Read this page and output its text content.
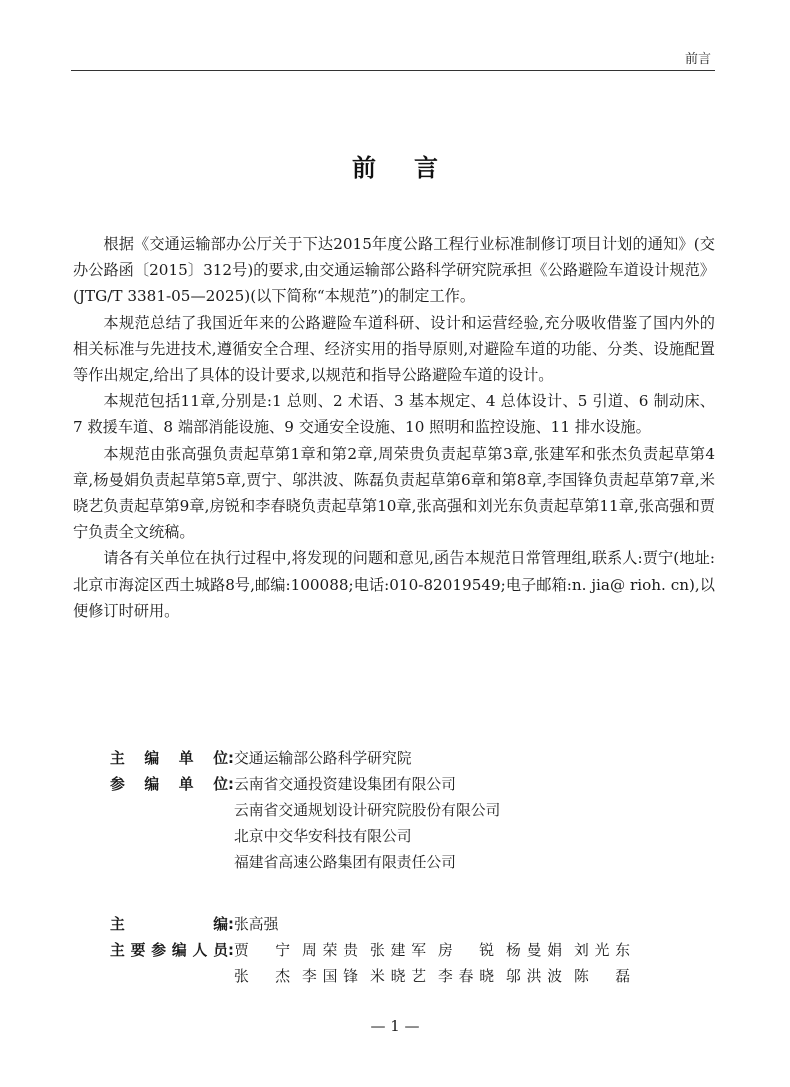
前言
前言

根据《交通运输部办公厅关于下达2015年度公路工程行业标准制修订项目计划的通知》(交办公路函〔2015〕312号)的要求,由交通运输部公路科学研究院承担《公路避险车道设计规范》(JTG/T 3381-05—2025)(以下简称“本规范”)的制定工作。

本规范总结了我国近年来的公路避险车道科研、设计和运营经验,充分吸收借鉴了国内外的相关标准与先进技术,遵循安全合理、经济实用的指导原则,对避险车道的功能、分类、设施配置等作出规定,给出了具体的设计要求,以规范和指导公路避险车道的设计。

本规范包括11章,分别是:1 总则、2 术语、3 基本规定、4 总体设计、5 引道、6 制动床、7 救援车道、8 端部消能设施、9 交通安全设施、10 照明和监控设施、11 排水设施。

本规范由张高强负责起草第1章和第2章,周荣贵负责起草第3章,张建军和张杰负责起草第4章,杨曼娟负责起草第5章,贾宁、邬洪波、陈磊负责起草第6章和第8章,李国锋负责起草第7章,米晓艺负责起草第9章,房锐和李春晓负责起草第10章,张高强和刘光东负责起草第11章,张高强和贾宁负责全文统稿。

请各有关单位在执行过程中,将发现的问题和意见,函告本规范日常管理组,联系人:贾宁(地址:北京市海淀区西土城路8号,邮编:100088;电话:010-82019549;电子邮箱:n. jia@ rioh. cn),以便修订时研用。

主编单位 : 交通运输部公路科学研究院
参编单位 : 云南省交通投资建设集团有限公司
云南省交通规划设计研究院股份有限公司
北京中交华安科技有限公司
福建省高速公路集团有限责任公司
主编 : 张高强
主要参编人员 : 贾宁 周荣贵 张建军 房锐 杨曼娟 刘光东
张杰 李国锋 米晓艺 李春晓 邬洪波 陈磊
— 1 —
